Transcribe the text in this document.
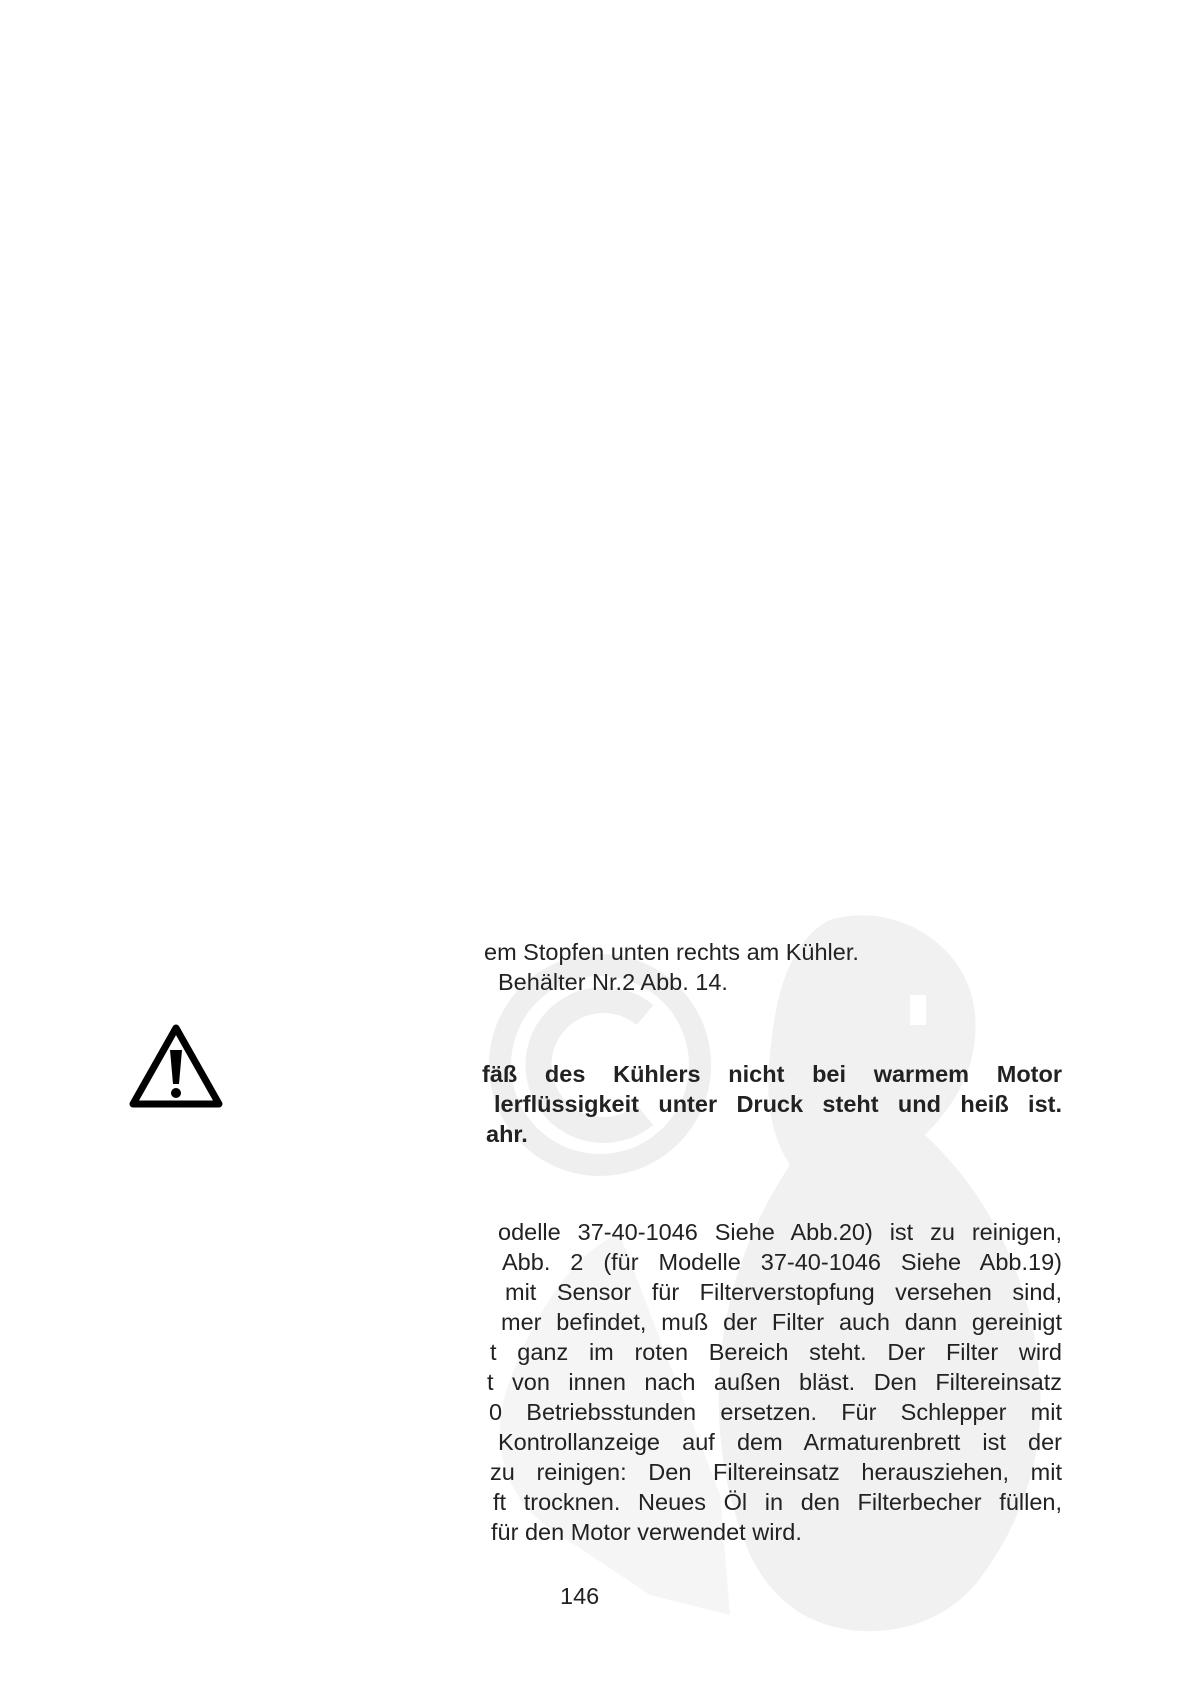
em Stopfen unten rechts am Kühler.
Behälter Nr.2 Abb. 14.
fäß des Kühlers nicht bei warmem Motor
lerflüssigkeit unter Druck steht und heiß ist.
ahr.
odelle 37-40-1046 Siehe Abb.20) ist zu reinigen,
Abb. 2 (für Modelle 37-40-1046 Siehe Abb.19)
mit Sensor für Filterverstopfung versehen sind,
mer befindet, muß der Filter auch dann gereinigt
t ganz im roten Bereich steht. Der Filter wird
t von innen nach außen bläst. Den Filtereinsatz
0 Betriebsstunden ersetzen. Für Schlepper mit
Kontrollanzeige auf dem Armaturenbrett ist der
zu reinigen: Den Filtereinsatz herausziehen, mit
ft trocknen. Neues Öl in den Filterbecher füllen,
für den Motor verwendet wird.
146
